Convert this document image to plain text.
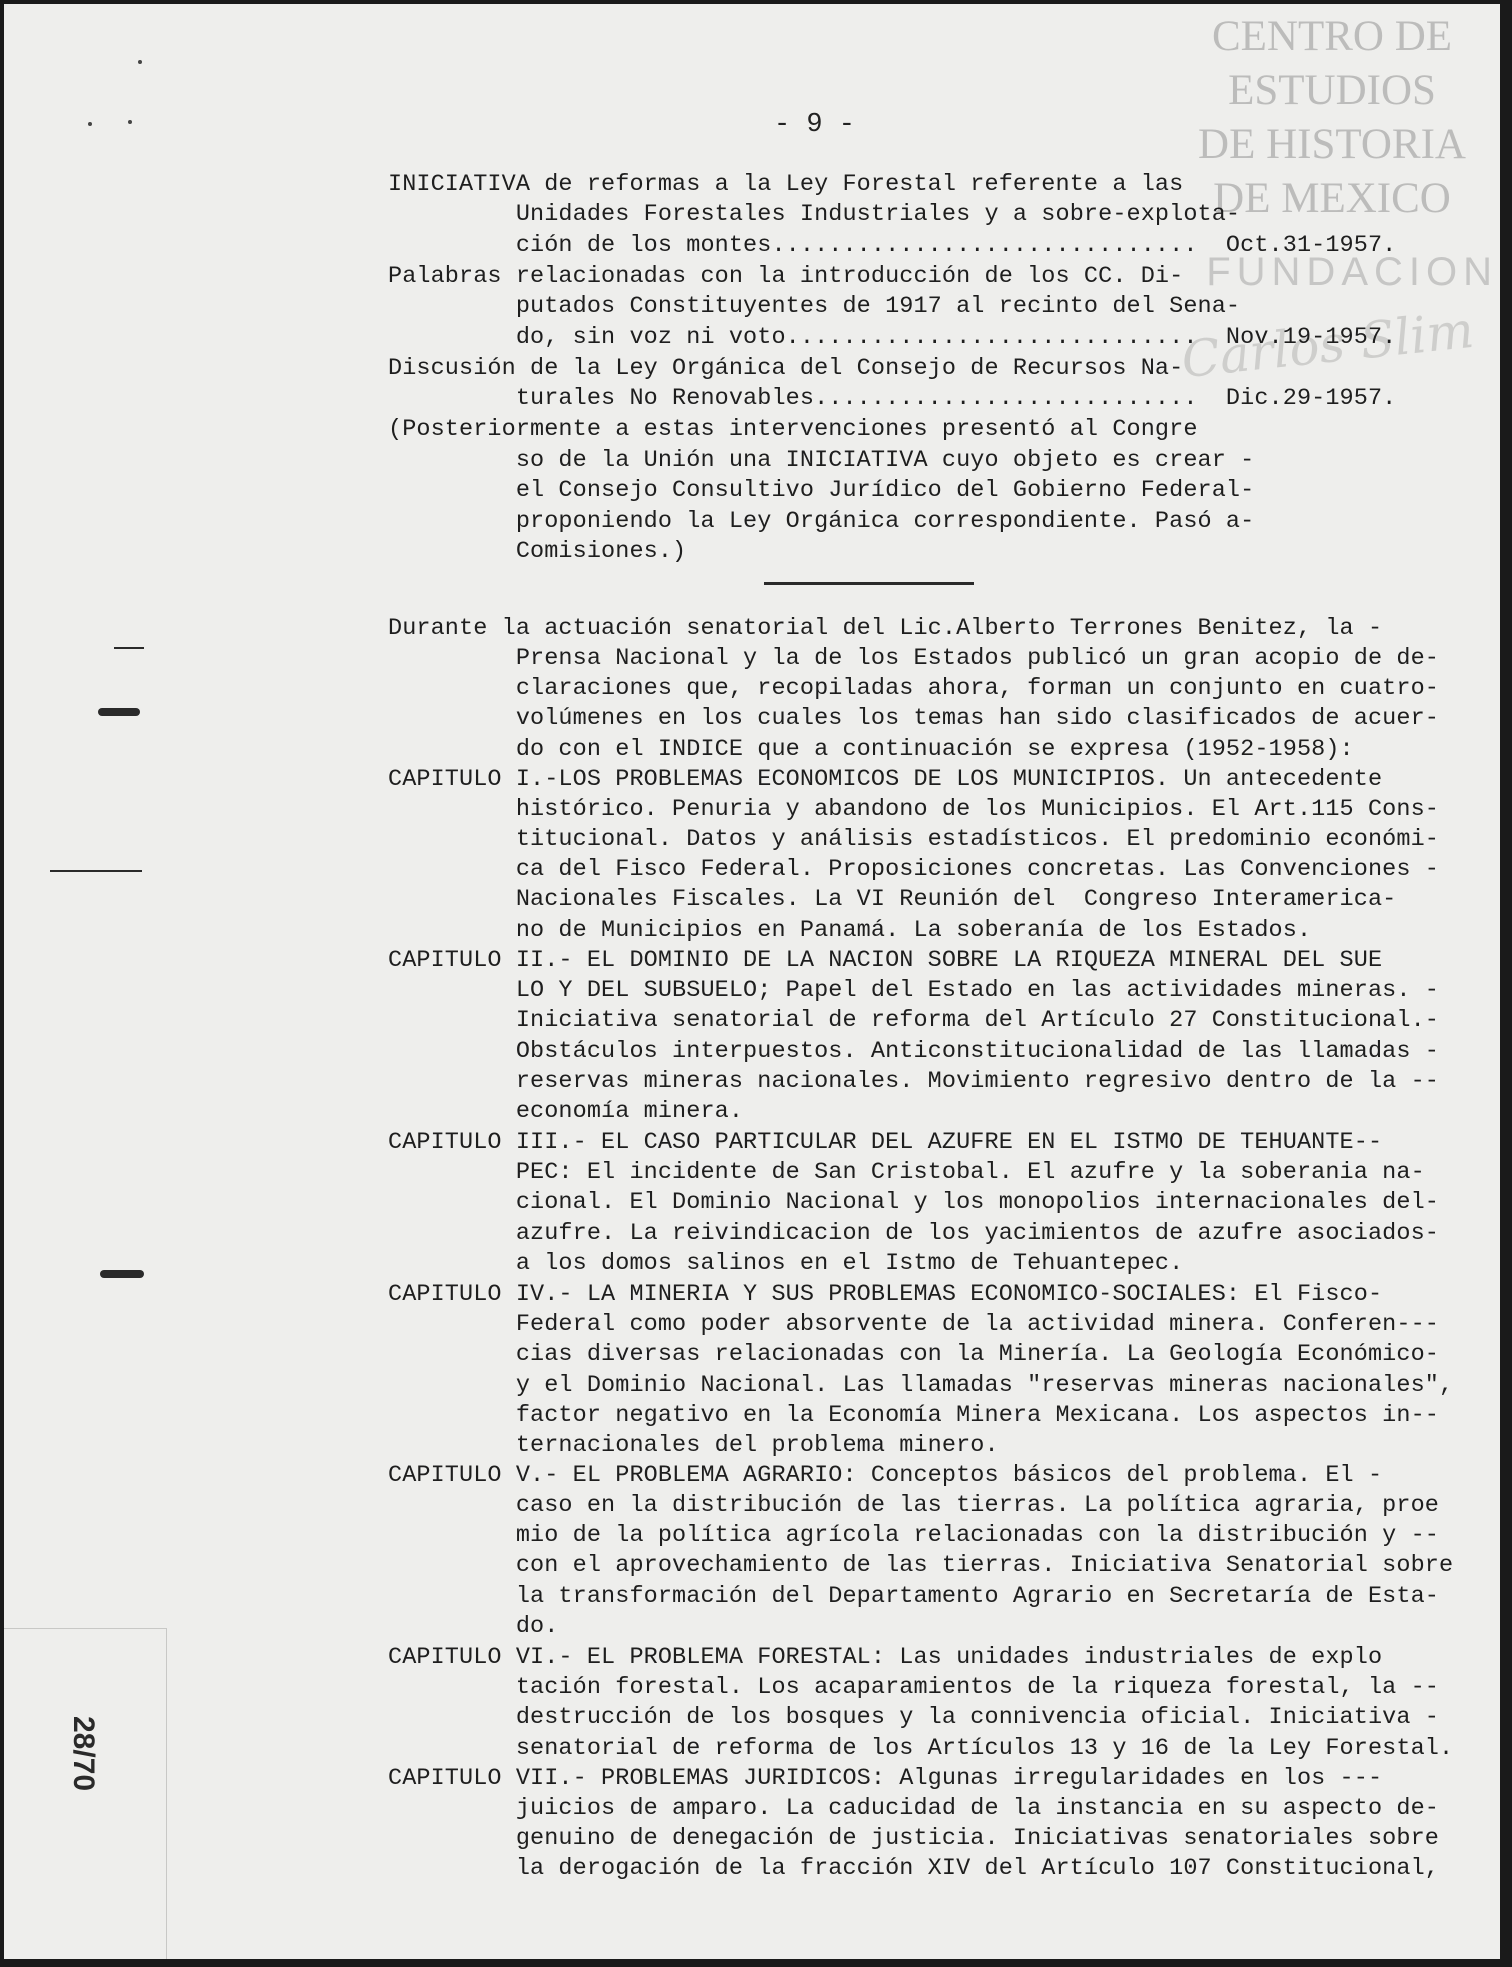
CENTRO DE
ESTUDIOS
DE HISTORIA
DE MEXICO
FUNDACION
Carlos Slim
- 9 -
INICIATIVA de reformas a la Ley Forestal referente a las
Unidades Forestales Industriales y a sobre-explota-
ción de los montes..............................  Oct.31-1957.
Palabras relacionadas con la introducción de los CC. Di-
putados Constituyentes de 1917 al recinto del Sena-
do, sin voz ni voto.............................  Nov.19-1957.
Discusión de la Ley Orgánica del Consejo de Recursos Na-
turales No Renovables...........................  Dic.29-1957.
(Posteriormente a estas intervenciones presentó al Congre
so de la Unión una INICIATIVA cuyo objeto es crear -
el Consejo Consultivo Jurídico del Gobierno Federal-
proponiendo la Ley Orgánica correspondiente. Pasó a-
Comisiones.)
Durante la actuación senatorial del Lic.Alberto Terrones Benitez, la -
Prensa Nacional y la de los Estados publicó un gran acopio de de-
claraciones que, recopiladas ahora, forman un conjunto en cuatro-
volúmenes en los cuales los temas han sido clasificados de acuer-
do con el INDICE que a continuación se expresa (1952-1958):
CAPITULO I.-LOS PROBLEMAS ECONOMICOS DE LOS MUNICIPIOS. Un antecedente
histórico. Penuria y abandono de los Municipios. El Art.115 Cons-
titucional. Datos y análisis estadísticos. El predominio económi-
ca del Fisco Federal. Proposiciones concretas. Las Convenciones -
Nacionales Fiscales. La VI Reunión del  Congreso Interamerica-
no de Municipios en Panamá. La soberanía de los Estados.
CAPITULO II.- EL DOMINIO DE LA NACION SOBRE LA RIQUEZA MINERAL DEL SUE
LO Y DEL SUBSUELO; Papel del Estado en las actividades mineras. -
Iniciativa senatorial de reforma del Artículo 27 Constitucional.-
Obstáculos interpuestos. Anticonstitucionalidad de las llamadas -
reservas mineras nacionales. Movimiento regresivo dentro de la --
economía minera.
CAPITULO III.- EL CASO PARTICULAR DEL AZUFRE EN EL ISTMO DE TEHUANTE--
PEC: El incidente de San Cristobal. El azufre y la soberania na-
cional. El Dominio Nacional y los monopolios internacionales del-
azufre. La reivindicacion de los yacimientos de azufre asociados-
a los domos salinos en el Istmo de Tehuantepec.
CAPITULO IV.- LA MINERIA Y SUS PROBLEMAS ECONOMICO-SOCIALES: El Fisco-
Federal como poder absorvente de la actividad minera. Conferen---
cias diversas relacionadas con la Minería. La Geología Económico-
y el Dominio Nacional. Las llamadas "reservas mineras nacionales",
factor negativo en la Economía Minera Mexicana. Los aspectos in--
ternacionales del problema minero.
CAPITULO V.- EL PROBLEMA AGRARIO: Conceptos básicos del problema. El -
caso en la distribución de las tierras. La política agraria, proe
mio de la política agrícola relacionadas con la distribución y --
con el aprovechamiento de las tierras. Iniciativa Senatorial sobre
la transformación del Departamento Agrario en Secretaría de Esta-
do.
CAPITULO VI.- EL PROBLEMA FORESTAL: Las unidades industriales de explo
tación forestal. Los acaparamientos de la riqueza forestal, la --
destrucción de los bosques y la connivencia oficial. Iniciativa -
senatorial de reforma de los Artículos 13 y 16 de la Ley Forestal.
CAPITULO VII.- PROBLEMAS JURIDICOS: Algunas irregularidades en los ---
juicios de amparo. La caducidad de la instancia en su aspecto de-
genuino de denegación de justicia. Iniciativas senatoriales sobre
la derogación de la fracción XIV del Artículo 107 Constitucional,
28/70
